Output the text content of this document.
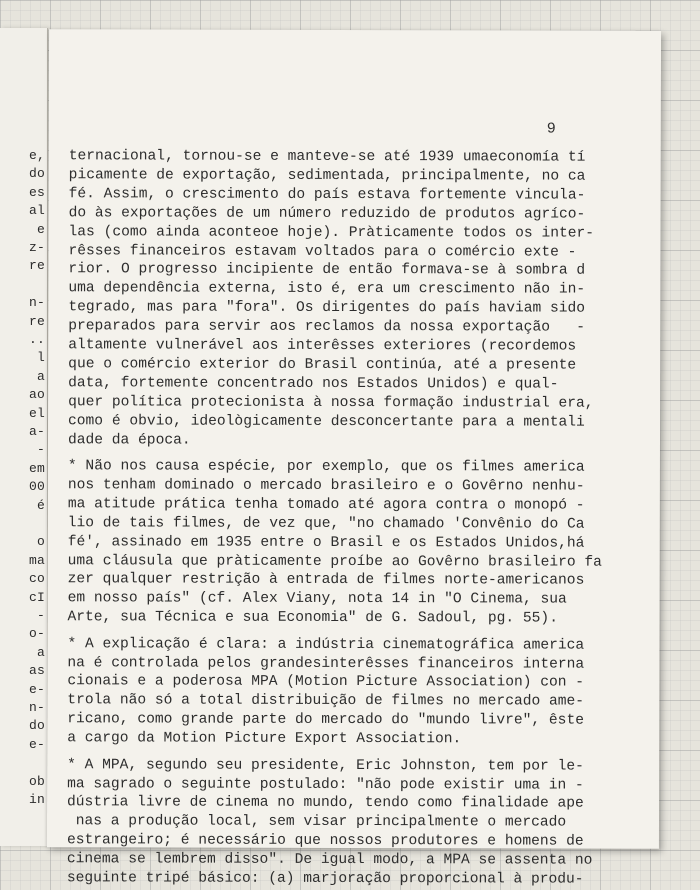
e,
do
es
al
e
z-
re
n-
re
..
l
a
ao
el
a-
-
em
00
é
o
ma
co
cI
-
o-
a
as
e-
n-
do
e-
ob
in
9
ternacional, tornou-se e manteve-se até 1939 umaeconomía tí
picamente de exportação, sedimentada, principalmente, no ca
fé. Assim, o crescimento do país estava fortemente vincula-
do às exportações de um número reduzido de produtos agríco-
las (como ainda aconteoe hoje). Pràticamente todos os inter-
rêsses financeiros estavam voltados para o comércio exte -
rior. O progresso incipiente de então formava-se à sombra d
uma dependência externa, isto é, era um crescimento não in-
tegrado, mas para "fora". Os dirigentes do país haviam sido
preparados para servir aos reclamos da nossa exportação   -
altamente vulnerável aos interêsses exteriores (recordemos
que o comércio exterior do Brasil continúa, até a presente
data, fortemente concentrado nos Estados Unidos) e qual-
quer política protecionista à nossa formação industrial era,
como é obvio, ideològicamente desconcertante para a mentali
dade da época.
* Não nos causa espécie, por exemplo, que os filmes america
nos tenham dominado o mercado brasileiro e o Govêrno nenhu-
ma atitude prática tenha tomado até agora contra o monopó -
lio de tais filmes, de vez que, "no chamado 'Convênio do Ca
fé', assinado em 1935 entre o Brasil e os Estados Unidos,há
uma cláusula que pràticamente proíbe ao Govêrno brasileiro fa
zer qualquer restrição à entrada de filmes norte-americanos
em nosso país" (cf. Alex Viany, nota 14 in "O Cinema, sua
Arte, sua Técnica e sua Economia" de G. Sadoul, pg. 55).
* A explicação é clara: a indústria cinematográfica america
na é controlada pelos grandesinterêsses financeiros interna
cionais e a poderosa MPA (Motion Picture Association) con -
trola não só a total distribuição de filmes no mercado ame-
ricano, como grande parte do mercado do "mundo livre", êste
a cargo da Motion Picture Export Association.
* A MPA, segundo seu presidente, Eric Johnston, tem por le-
ma sagrado o seguinte postulado: "não pode existir uma in -
dústria livre de cinema no mundo, tendo como finalidade ape
nas a produção local, sem visar principalmente o mercado
estrangeiro; é necessário que nossos produtores e homens de
cinema se lembrem disso". De igual modo, a MPA se assenta no
seguinte tripé básico: (a) marjoração proporcional à produ-
